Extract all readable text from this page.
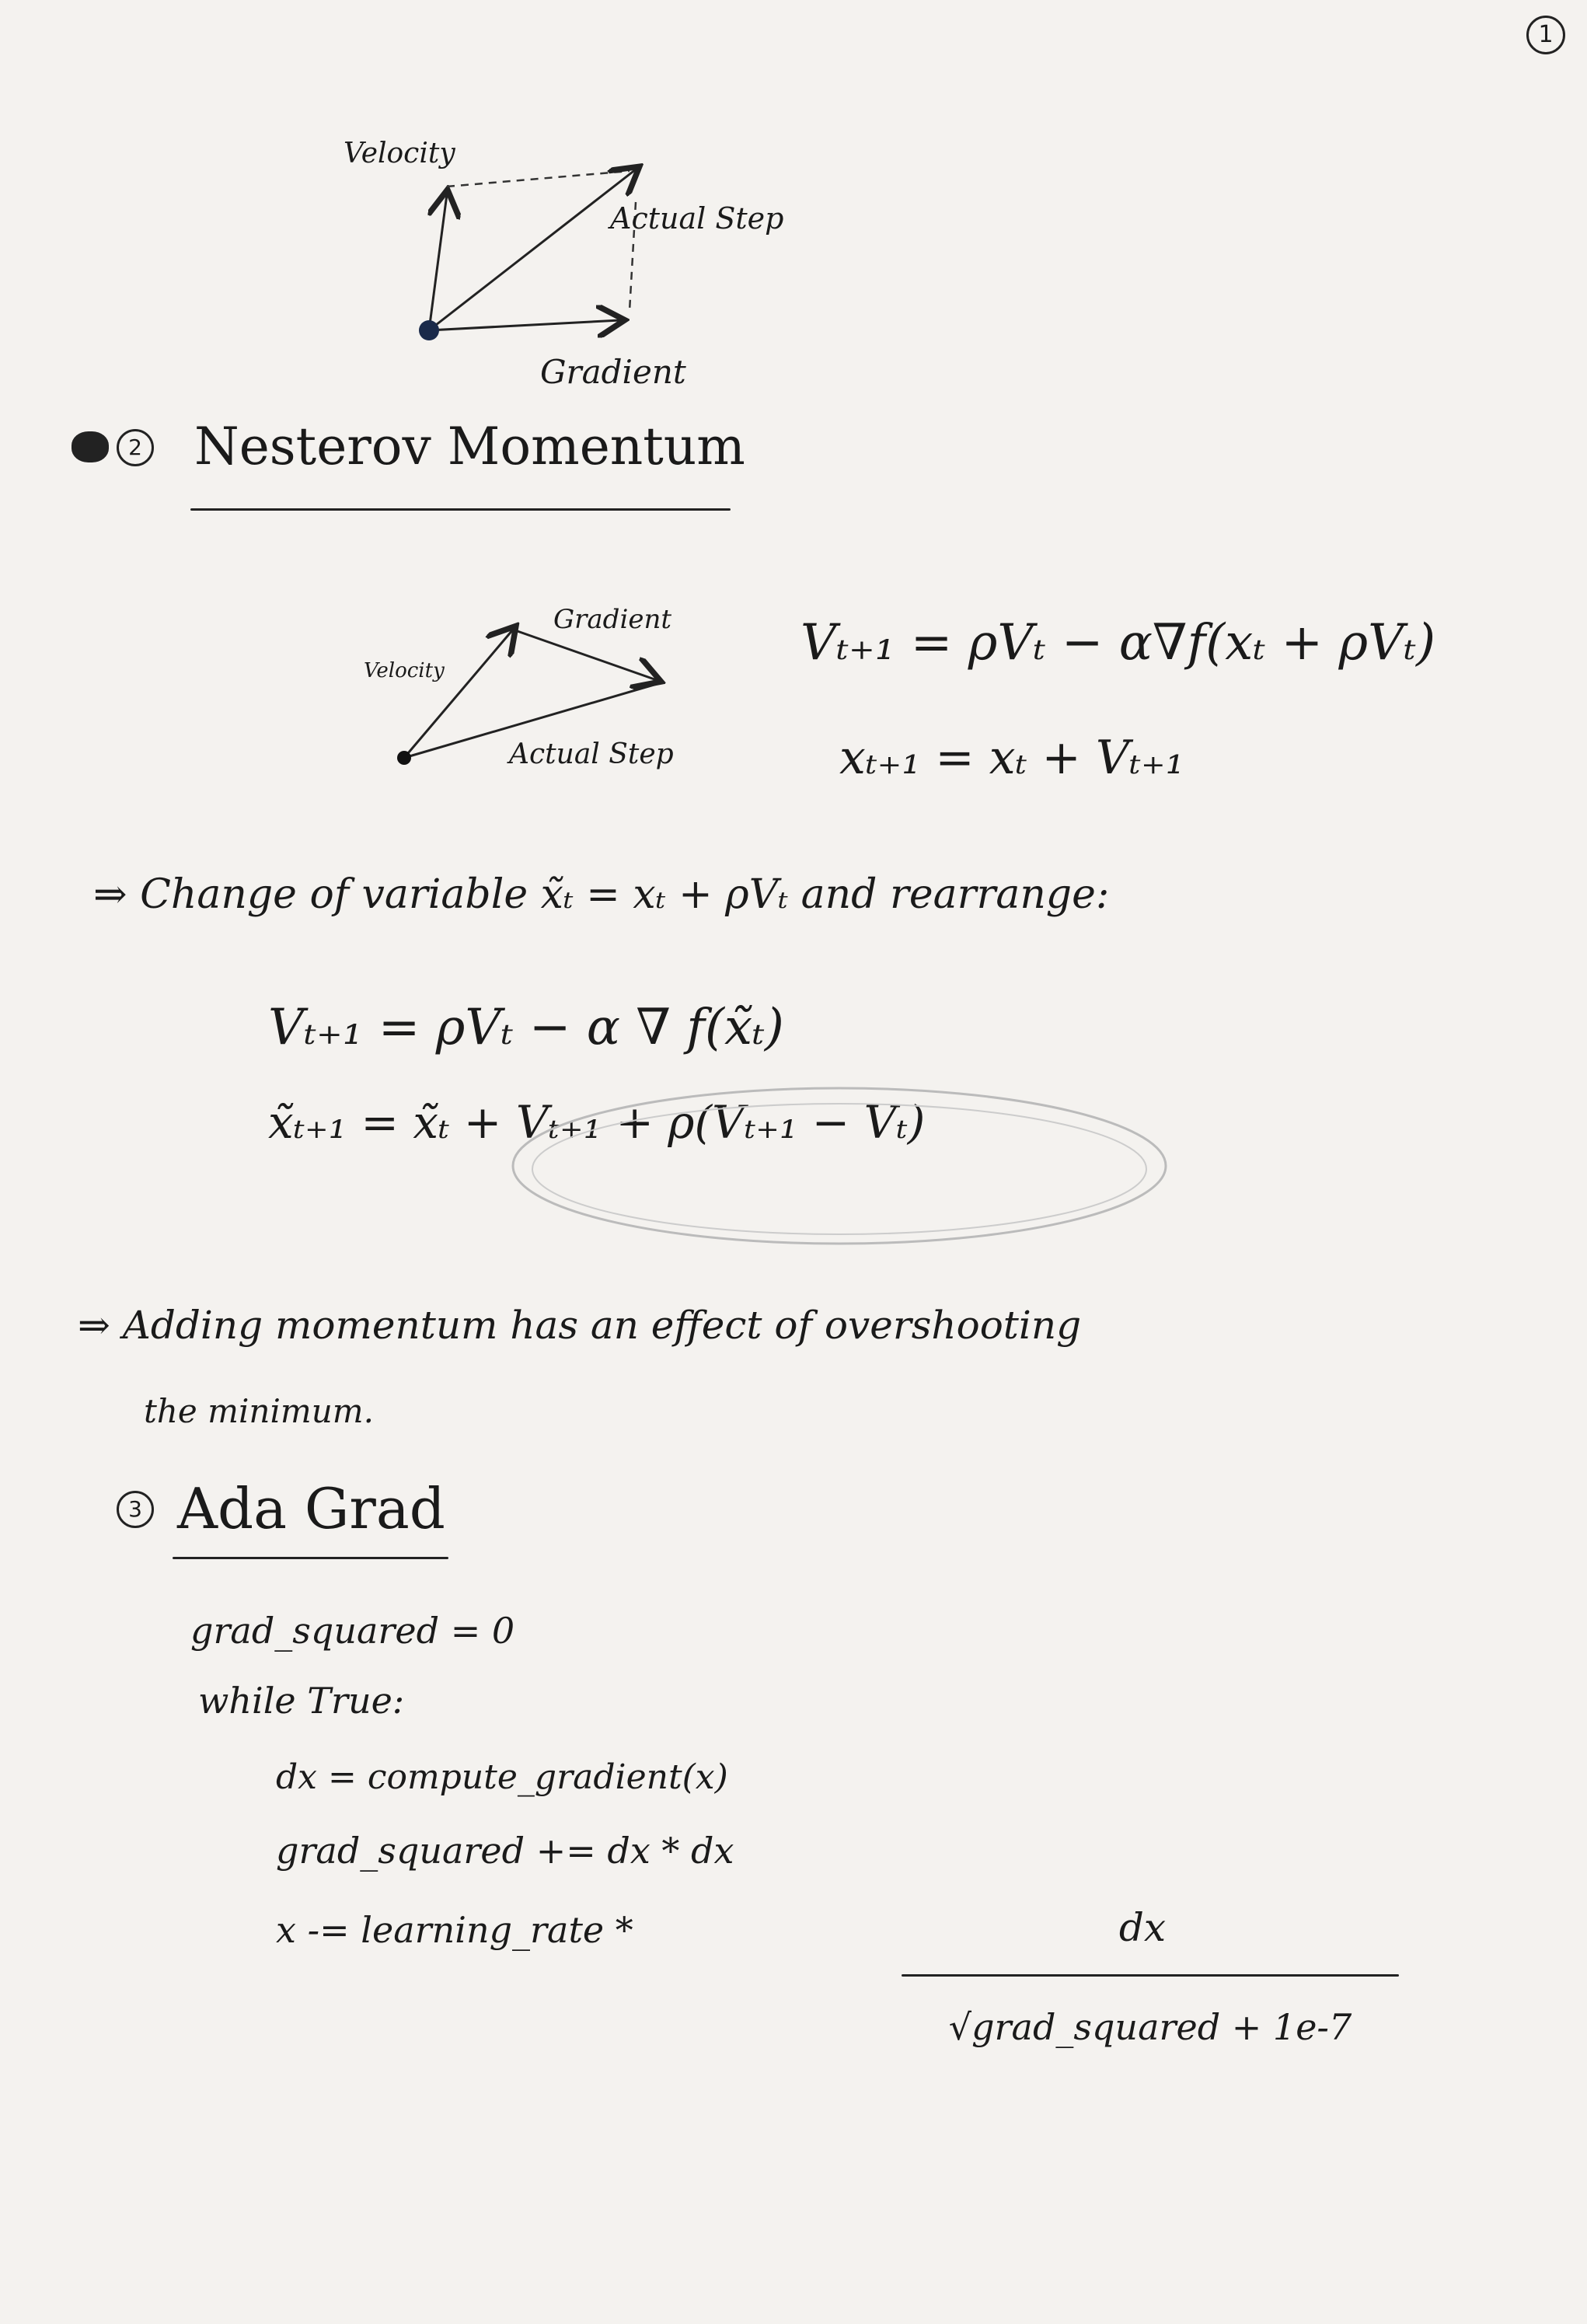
1
Velocity
Actual Step
Gradient
2 Nesterov Momentum
Gradient
Velocity
Actual Step
Vₜ₊₁ = ρVₜ − α∇f(xₜ + ρVₜ)
xₜ₊₁ = xₜ + Vₜ₊₁
⇒ Change of variable x̃ₜ = xₜ + ρVₜ and rearrange:
Vₜ₊₁ = ρVₜ − α ∇ f(x̃ₜ)
x̃ₜ₊₁ = x̃ₜ + Vₜ₊₁ + ρ(Vₜ₊₁ − Vₜ)
⇒ Adding momentum has an effect of overshooting
the minimum.
3 Ada Grad
grad_squared = 0
while True:
dx = compute_gradient(x)
grad_squared += dx * dx
x -= learning_rate *	dx
√grad_squared + 1e-7
